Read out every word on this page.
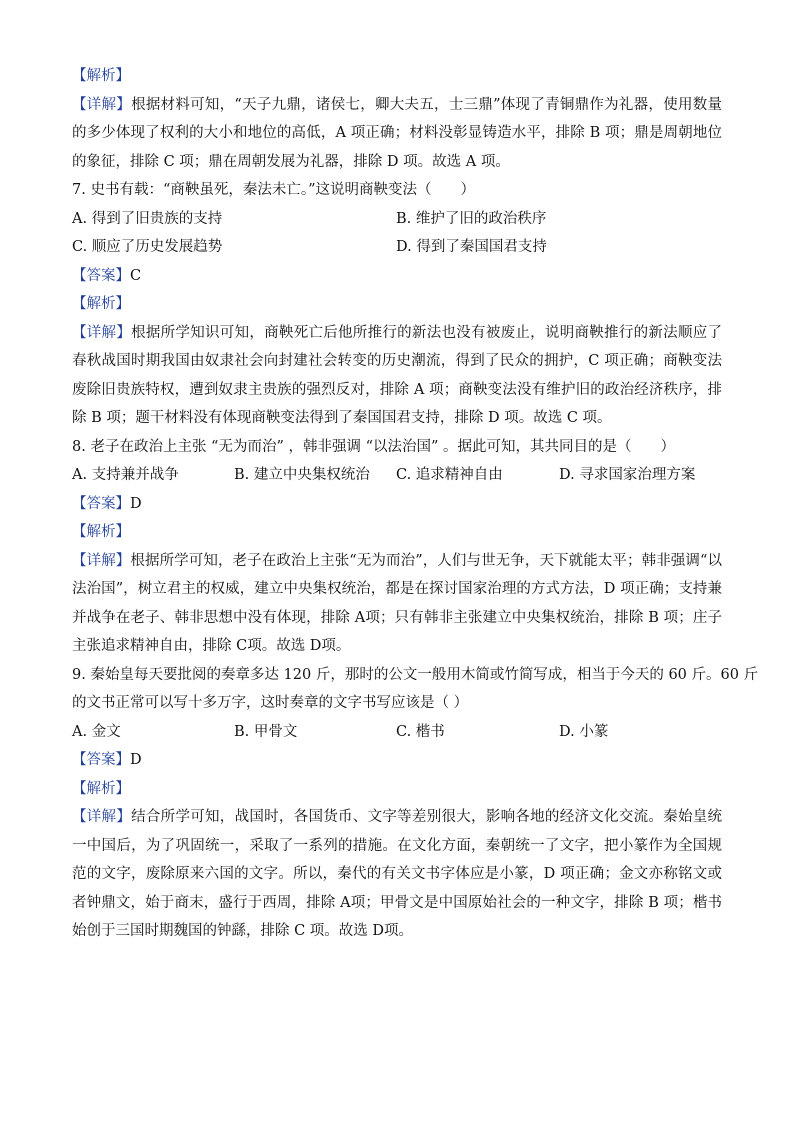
【解析】
【详解】根据材料可知，“天子九鼎，诸侯七，卿大夫五，士三鼎”体现了青铜鼎作为礼器，使用数量的多少体现了权利的大小和地位的高低，A 项正确；材料没彰显铸造水平，排除 B 项；鼎是周朝地位的象征，排除 C 项；鼎在周朝发展为礼器，排除 D 项。故选 A 项。
7. 史书有载：“商鞅虽死，秦法未亡。”这说明商鞅变法（　　）
A. 得到了旧贵族的支持	B. 维护了旧的政治秩序
C. 顺应了历史发展趋势	D. 得到了秦国国君支持
【答案】C
【解析】
【详解】根据所学知识可知，商鞅死亡后他所推行的新法也没有被废止，说明商鞅推行的新法顺应了春秋战国时期我国由奴隶社会向封建社会转变的历史潮流，得到了民众的拥护，C 项正确；商鞅变法废除旧贵族特权，遭到奴隶主贵族的强烈反对，排除 A 项；商鞅变法没有维护旧的政治经济秩序，排除 B 项；题干材料没有体现商鞅变法得到了秦国国君支持，排除 D 项。故选 C 项。
8. 老子在政治上主张 “无为而治” ，韩非强调 “以法治国” 。据此可知，其共同目的是（　　）
A. 支持兼并战争	B. 建立中央集权统治 C. 追求精神自由	D. 寻求国家治理方案
【答案】D
【解析】
【详解】根据所学可知，老子在政治上主张“无为而治”，人们与世无争，天下就能太平；韩非强调“以法治国”，树立君主的权威，建立中央集权统治，都是在探讨国家治理的方式方法，D 项正确；支持兼并战争在老子、韩非思想中没有体现，排除 A项；只有韩非主张建立中央集权统治，排除 B 项；庄子主张追求精神自由，排除 C项。故选 D项。
9. 秦始皇每天要批阅的奏章多达 120 斤，那时的公文一般用木简或竹简写成，相当于今天的 60 斤。60 斤
的文书正常可以写十多万字，这时奏章的文字书写应该是（ ）
A. 金文	B. 甲骨文	C. 楷书	D. 小篆
【答案】D
【解析】
【详解】结合所学可知，战国时，各国货币、文字等差别很大，影响各地的经济文化交流。秦始皇统一中国后，为了巩固统一，采取了一系列的措施。在文化方面，秦朝统一了文字，把小篆作为全国规范的文字，废除原来六国的文字。所以，秦代的有关文书字体应是小篆，D 项正确；金文亦称铭文或者钟鼎文，始于商末，盛行于西周，排除 A项；甲骨文是中国原始社会的一种文字，排除 B 项；楷书始创于三国时期魏国的钟繇，排除 C 项。故选 D项。
